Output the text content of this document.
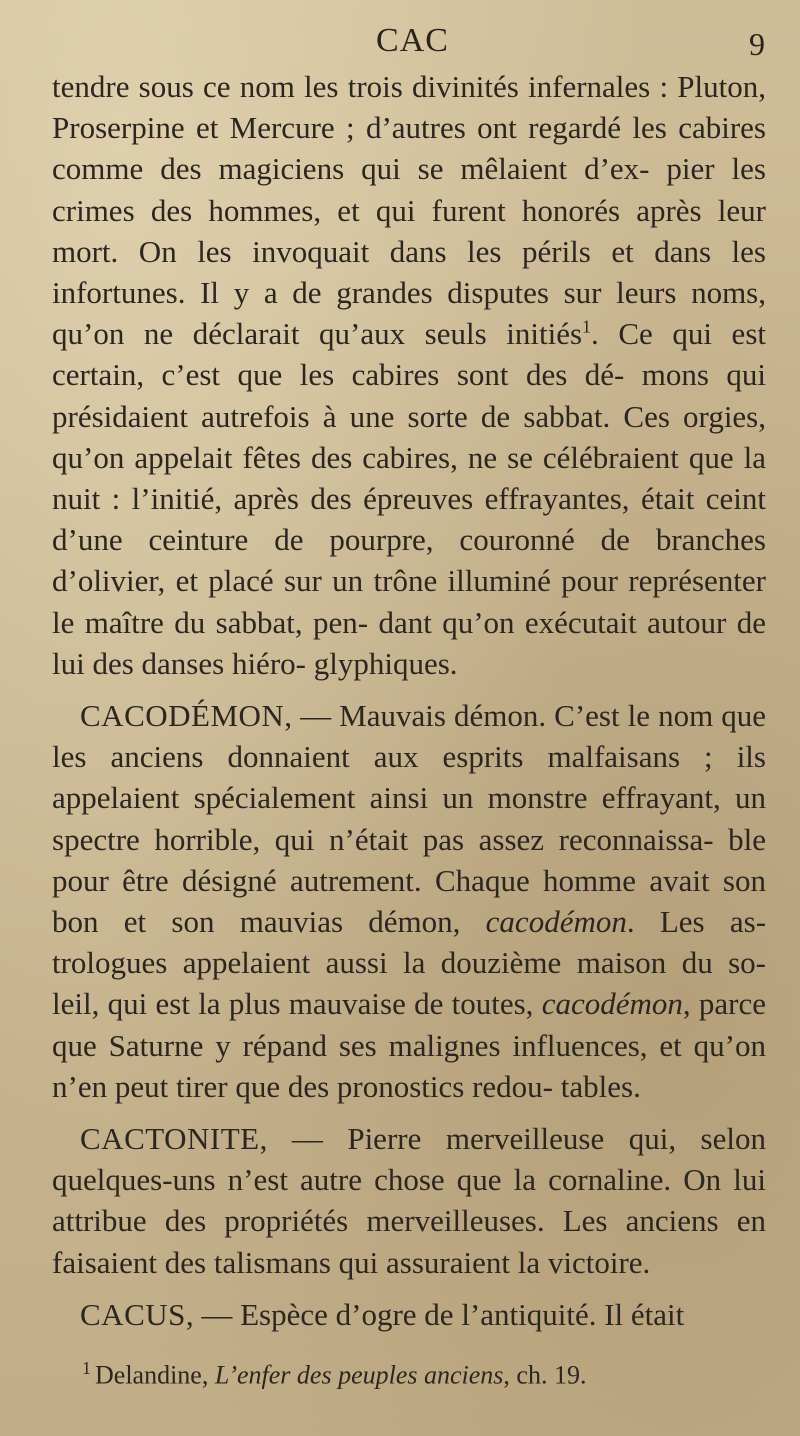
CAC	9

tendre sous ce nom les trois divinités infernales : Pluton, Proserpine et Mercure ; d’autres ont regardé les cabires comme des magiciens qui se mêlaient d’ex- pier les crimes des hommes, et qui furent honorés après leur mort. On les invoquait dans les périls et dans les infortunes. Il y a de grandes disputes sur leurs noms, qu’on ne déclarait qu’aux seuls initiés$^1$. Ce qui est certain, c’est que les cabires sont des dé- mons qui présidaient autrefois à une sorte de sabbat. Ces orgies, qu’on appelait fêtes des cabires, ne se célébraient que la nuit : l’initié, après des épreuves effrayantes, était ceint d’une ceinture de pourpre, couronné de branches d’olivier, et placé sur un trône illuminé pour représenter le maître du sabbat, pen- dant qu’on exécutait autour de lui des danses hiéro- glyphiques.

CACODÉMON, — Mauvais démon. C’est le nom que les anciens donnaient aux esprits malfaisans ; ils appelaient spécialement ainsi un monstre effrayant, un spectre horrible, qui n’était pas assez reconnaissa- ble pour être désigné autrement. Chaque homme avait son bon et son mauvias démon, cacodémon. Les as- trologues appelaient aussi la douzième maison du so- leil, qui est la plus mauvaise de toutes, cacodémon, parce que Saturne y répand ses malignes influences, et qu’on n’en peut tirer que des pronostics redou- tables.

CACTONITE, — Pierre merveilleuse qui, selon quelques-uns n’est autre chose que la cornaline. On lui attribue des propriétés merveilleuses. Les anciens en faisaient des talismans qui assuraient la victoire.

CACUS, — Espèce d’ogre de l’antiquité. Il était

$^1$ Delandine, L’enfer des peuples anciens, ch. 19.
